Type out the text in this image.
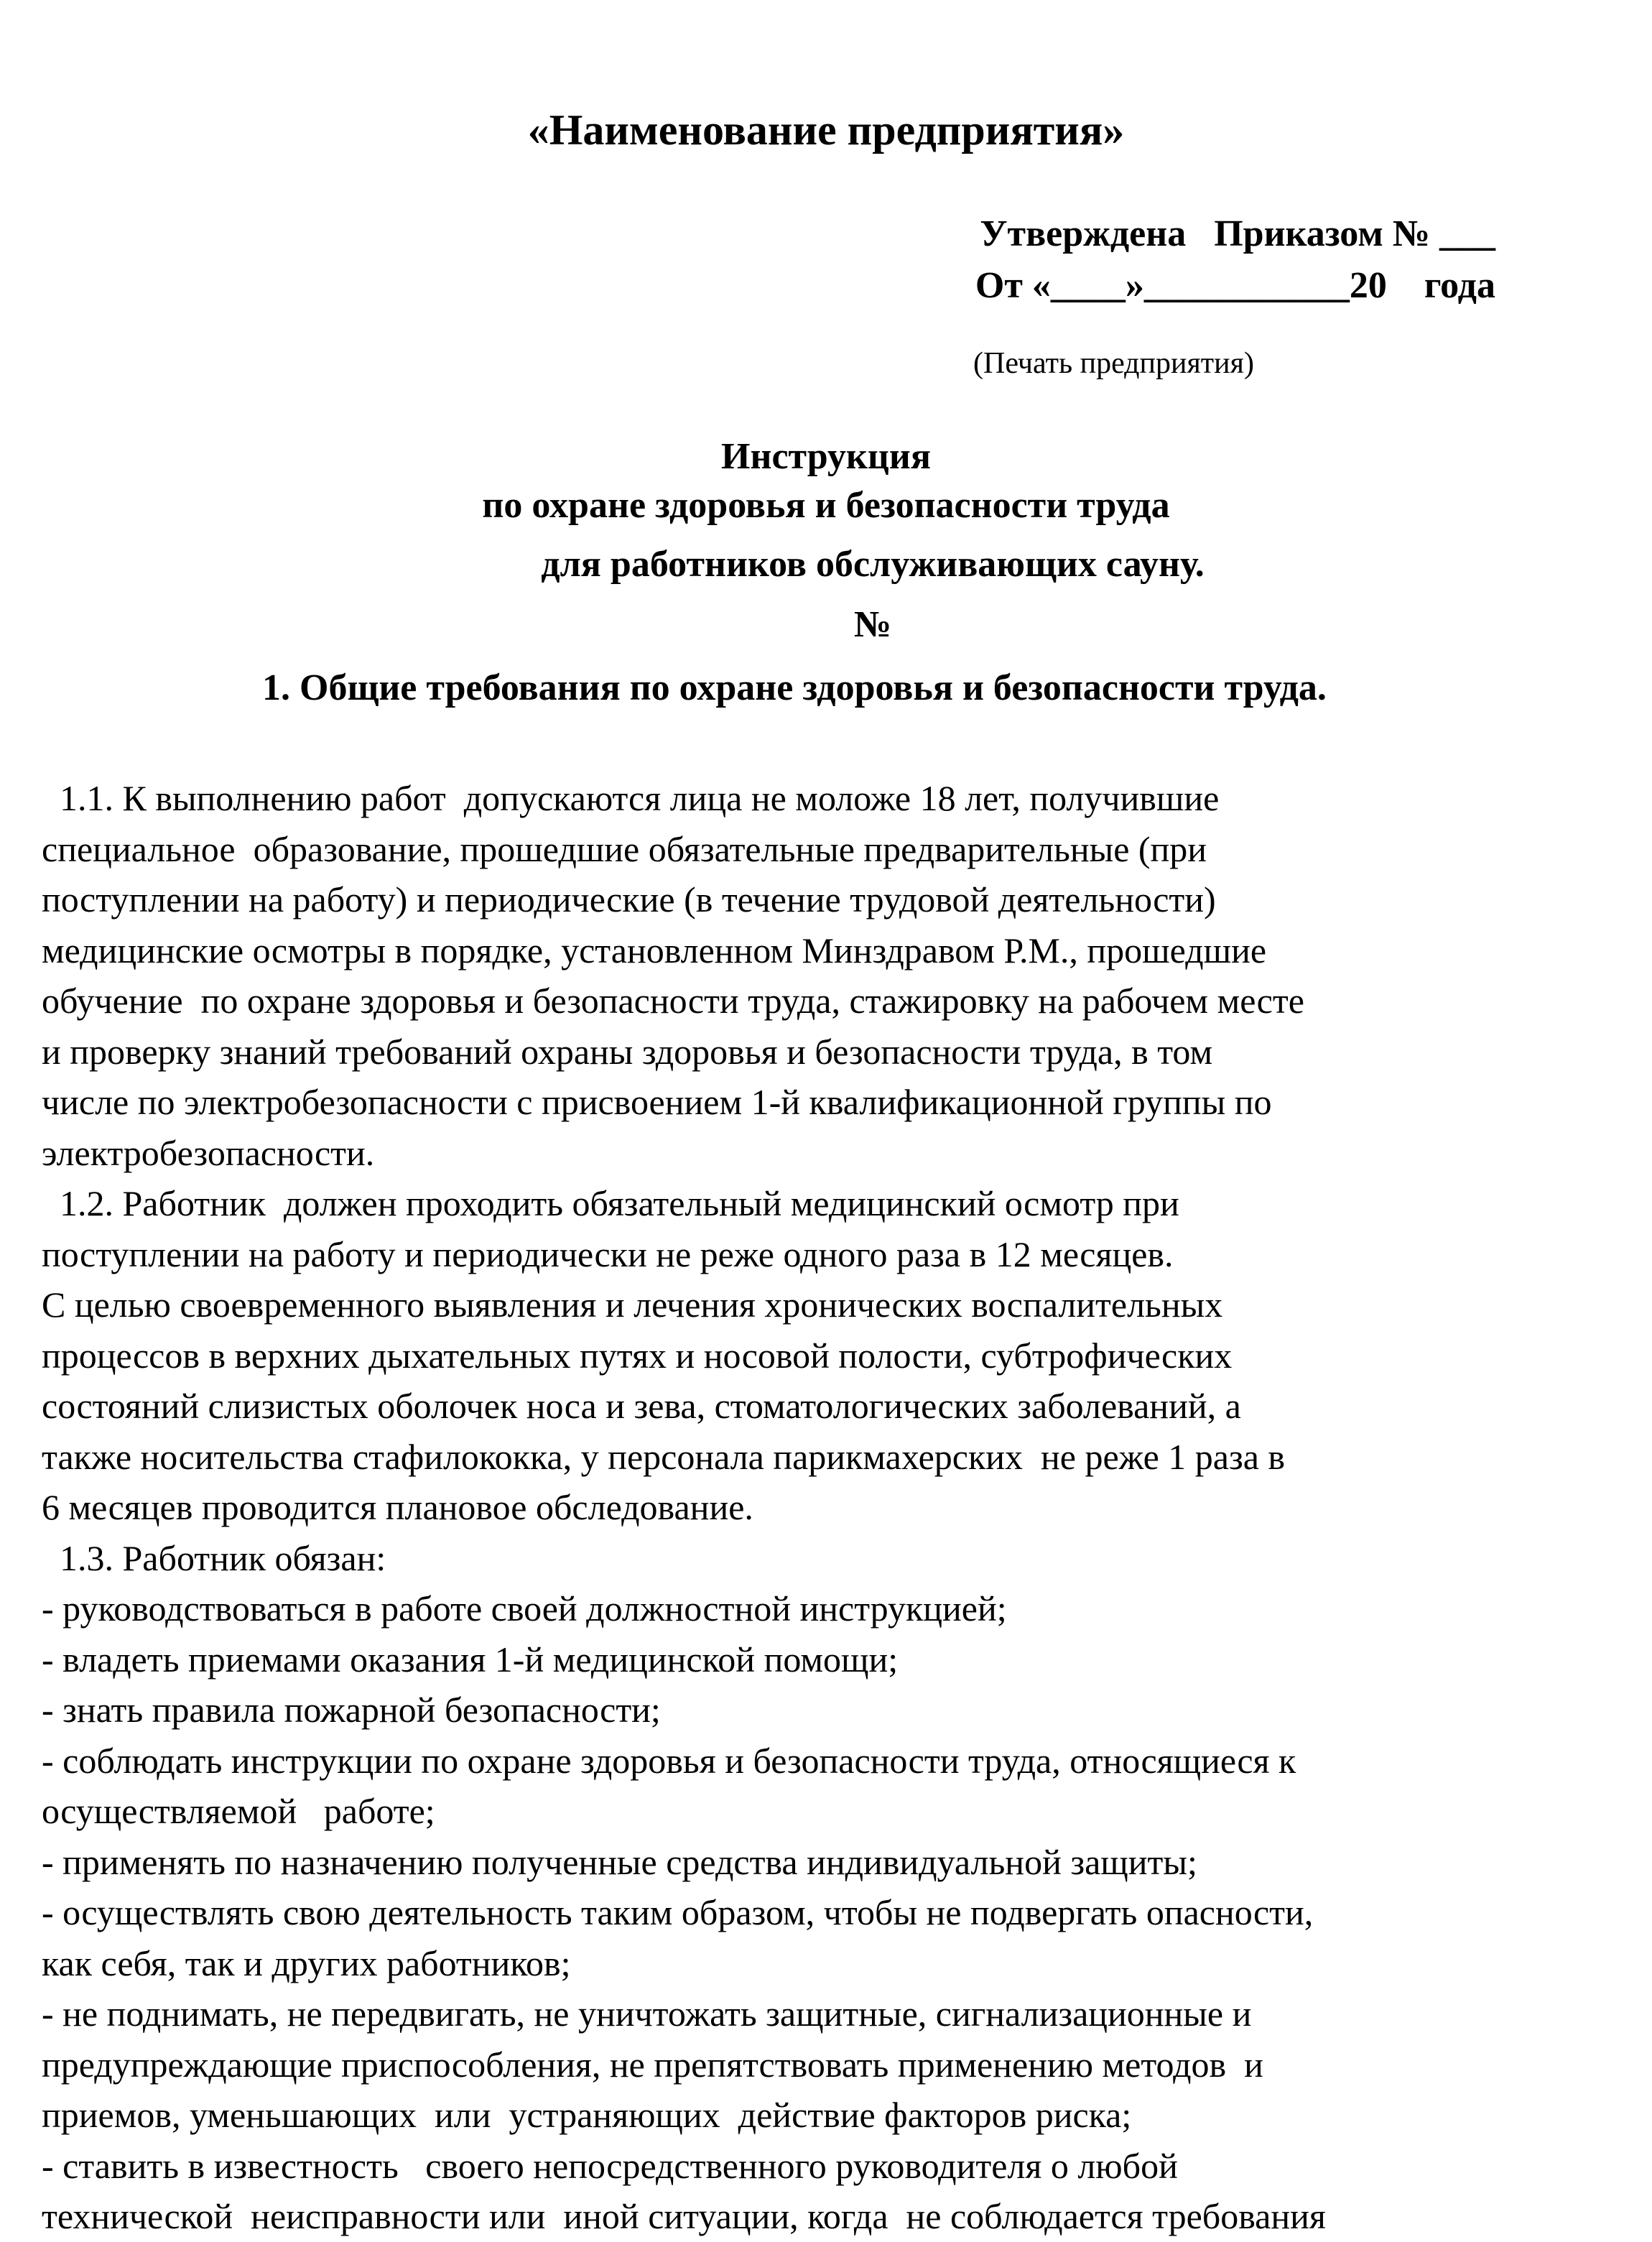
«Наименование предприятия»
Утверждена   Приказом № ___
От «____»___________20    года
(Печать предприятия)
Инструкция
по охране здоровья и безопасности труда
для работников обслуживающих сауну.
№
1. Общие требования по охране здоровья и безопасности труда.
1.1. К выполнению работ  допускаются лица не моложе 18 лет, получившие
специальное  образование, прошедшие обязательные предварительные (при
поступлении на работу) и периодические (в течение трудовой деятельности)
медицинские осмотры в порядке, установленном Минздравом Р.М., прошедшие
обучение  по охране здоровья и безопасности труда, стажировку на рабочем месте
и проверку знаний требований охраны здоровья и безопасности труда, в том
числе по электробезопасности с присвоением 1-й квалификационной группы по
электробезопасности.
1.2. Работник  должен проходить обязательный медицинский осмотр при
поступлении на работу и периодически не реже одного раза в 12 месяцев.
С целью своевременного выявления и лечения хронических воспалительных
процессов в верхних дыхательных путях и носовой полости, субтрофических
состояний слизистых оболочек носа и зева, стоматологических заболеваний, а
также носительства стафилококка, у персонала парикмахерских  не реже 1 раза в
6 месяцев проводится плановое обследование.
1.3. Работник обязан:
- руководствоваться в работе своей должностной инструкцией;
- владеть приемами оказания 1-й медицинской помощи;
- знать правила пожарной безопасности;
- соблюдать инструкции по охране здоровья и безопасности труда, относящиеся к
осуществляемой   работе;
- применять по назначению полученные средства индивидуальной защиты;
- осуществлять свою деятельность таким образом, чтобы не подвергать опасности,
как себя, так и других работников;
- не поднимать, не передвигать, не уничтожать защитные, сигнализационные и
предупреждающие приспособления, не препятствовать применению методов  и
приемов, уменьшающих  или  устраняющих  действие факторов риска;
- ставить в известность   своего непосредственного руководителя о любой
технической  неисправности или  иной ситуации, когда  не соблюдается требования
